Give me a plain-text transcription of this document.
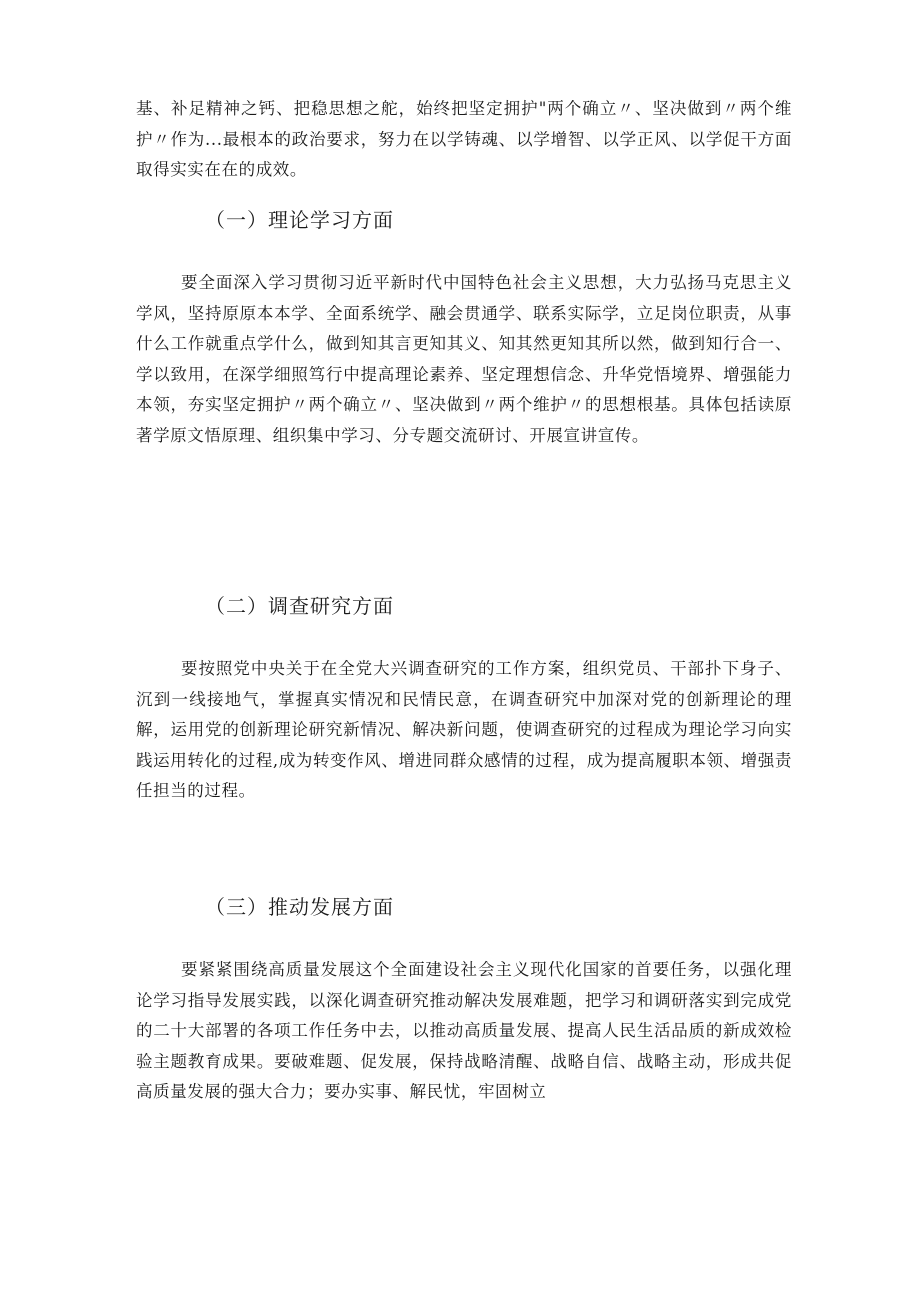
基、补足精神之钙、把稳思想之舵，始终把坚定拥护"两个确立〃、坚决做到〃两个维护〃作为...最根本的政治要求，努力在以学铸魂、以学增智、以学正风、以学促干方面取得实实在在的成效。

（一）理论学习方面

要全面深入学习贯彻习近平新时代中国特色社会主义思想，大力弘扬马克思主义学风，坚持原原本本学、全面系统学、融会贯通学、联系实际学，立足岗位职责，从事什么工作就重点学什么，做到知其言更知其义、知其然更知其所以然，做到知行合一、学以致用，在深学细照笃行中提高理论素养、坚定理想信念、升华党悟境界、增强能力本领，夯实坚定拥护〃两个确立〃、坚决做到〃两个维护〃的思想根基。具体包括读原著学原文悟原理、组织集中学习、分专题交流研讨、开展宣讲宣传。

（二）调查研究方面

要按照党中央关于在全党大兴调查研究的工作方案，组织党员、干部扑下身子、沉到一线接地气，掌握真实情况和民情民意，在调查研究中加深对党的创新理论的理解，运用党的创新理论研究新情况、解决新问题，使调查研究的过程成为理论学习向实践运用转化的过程,成为转变作风、增进同群众感情的过程，成为提高履职本领、增强责任担当的过程。

（三）推动发展方面

要紧紧围绕高质量发展这个全面建设社会主义现代化国家的首要任务，以强化理论学习指导发展实践，以深化调查研究推动解决发展难题，把学习和调研落实到完成党的二十大部署的各项工作任务中去，以推动高质量发展、提高人民生活品质的新成效检验主题教育成果。要破难题、促发展，保持战略清醒、战略自信、战略主动，形成共促高质量发展的强大合力；要办实事、解民忧，牢固树立
